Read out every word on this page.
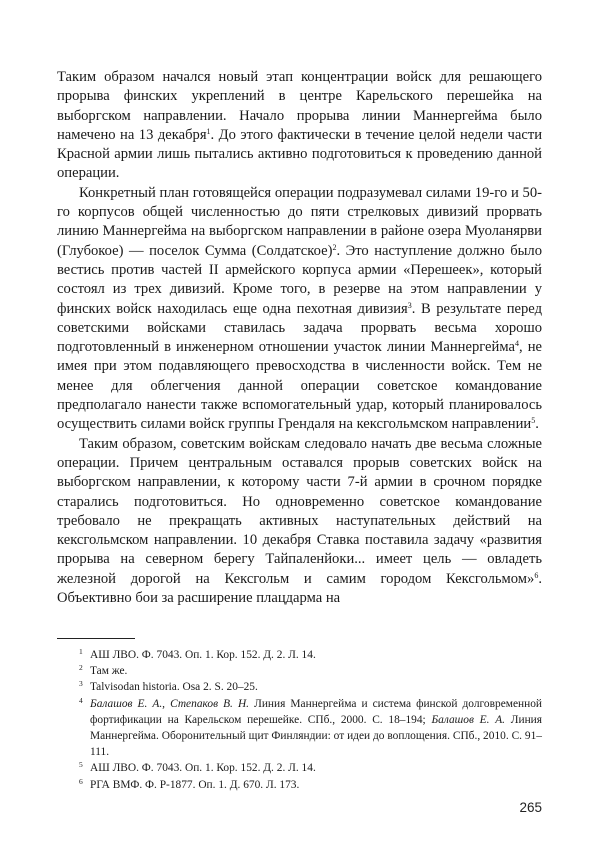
Таким образом начался новый этап концентрации войск для решающего прорыва финских укреплений в центре Карельского перешейка на выборгском направлении. Начало прорыва линии Маннергейма было намечено на 13 декабря$^1$. До этого фактически в течение целой недели части Красной армии лишь пытались активно подготовиться к проведению данной операции.

Конкретный план готовящейся операции подразумевал силами 19-го и 50-го корпусов общей численностью до пяти стрелковых дивизий прорвать линию Маннергейма на выборгском направлении в районе озера Муоланярви (Глубокое) — поселок Сумма (Солдатское)$^2$. Это наступление должно было вестись против частей II армейского корпуса армии «Перешеек», который состоял из трех дивизий. Кроме того, в резерве на этом направлении у финских войск находилась еще одна пехотная дивизия$^3$. В результате перед советскими войсками ставилась задача прорвать весьма хорошо подготовленный в инженерном отношении участок линии Маннергейма$^4$, не имея при этом подавляющего превосходства в численности войск. Тем не менее для облегчения данной операции советское командование предполагало нанести также вспомогательный удар, который планировалось осуществить силами войск группы Грендаля на кексгольмском направлении$^5$.

Таким образом, советским войскам следовало начать две весьма сложные операции. Причем центральным оставался прорыв советских войск на выборгском направлении, к которому части 7-й армии в срочном порядке старались подготовиться. Но одновременно советское командование требовало не прекращать активных наступательных действий на кексгольмском направлении. 10 декабря Ставка поставила задачу «развития прорыва на северном берегу Тайпаленйоки... имеет цель — овладеть железной дорогой на Кексгольм и самим городом Кексгольмом»$^6$. Объективно бои за расширение плацдарма на

1 АШ ЛВО. Ф. 7043. Оп. 1. Кор. 152. Д. 2. Л. 14.

2 Там же.

3 Talvisodan historia. Osa 2. S. 20–25.

4 Балашов Е. А., Степаков В. Н. Линия Маннергейма и система финской долговременной фортификации на Карельском перешейке. СПб., 2000. С. 18–194; Балашов Е. А. Линия Маннергейма. Оборонительный щит Финляндии: от идеи до воплощения. СПб., 2010. С. 91–111.

5 АШ ЛВО. Ф. 7043. Оп. 1. Кор. 152. Д. 2. Л. 14.

6 РГА ВМФ. Ф. Р-1877. Оп. 1. Д. 670. Л. 173.

265
